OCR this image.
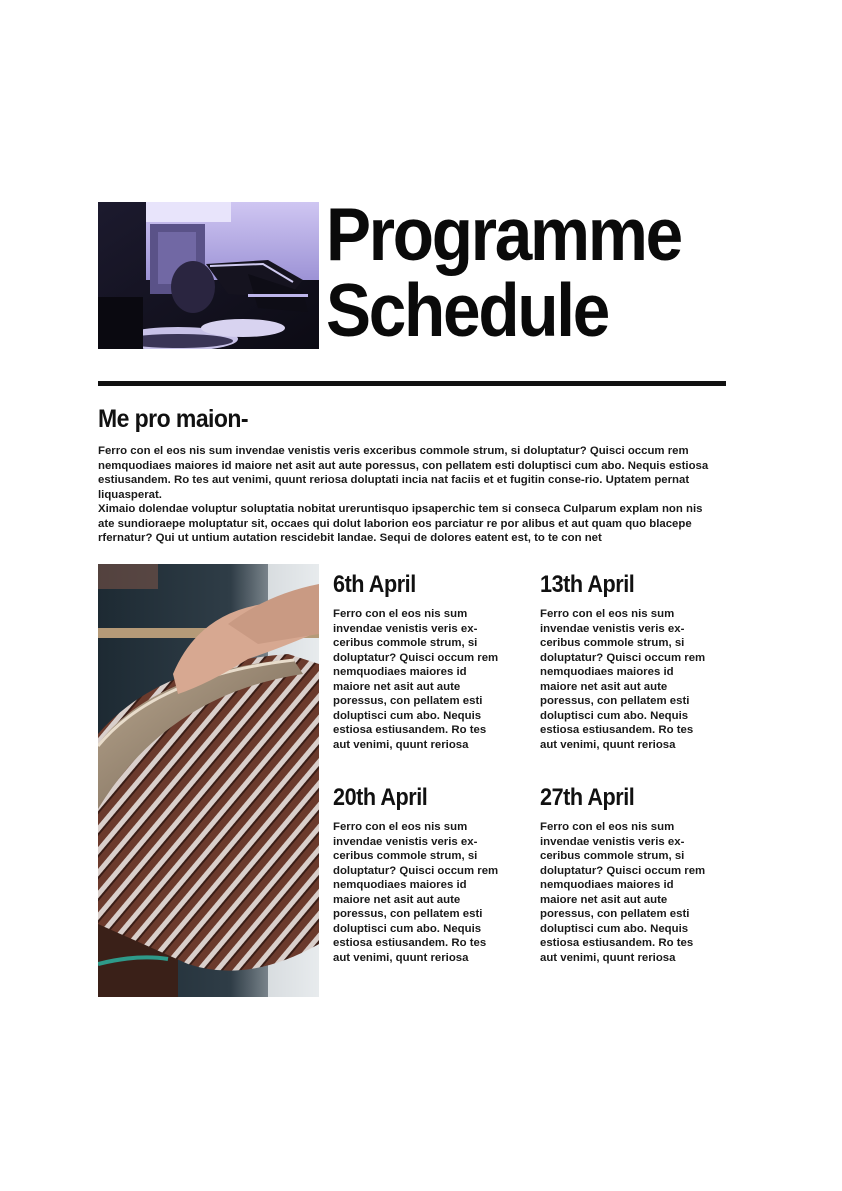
Programme
Schedule
Me pro maion-

Ferro con el eos nis sum invendae venistis veris exceribus commole strum, si doluptatur? Quisci occum rem nemquodiaes maiores id maiore net asit aut aute poressus, con pellatem esti doluptisci cum abo. Nequis estiosa estiusandem. Ro tes aut venimi, quunt reriosa doluptati incia nat faciis et et fugitin conse-rio. Uptatem pernat liquasperat.

Ximaio dolendae voluptur soluptatia nobitat ureruntisquo ipsaperchic tem si conseca Culparum explam non nis ate sundioraepe moluptatur sit, occaes qui dolut laborion eos parciatur re por alibus et aut quam quo blacepe rfernatur? Qui ut untium autation rescidebit landae. Sequi de dolores eatent est, to te con net

6th April

Ferro con el eos nis sum invendae venistis veris ex-ceribus commole strum, si doluptatur? Quisci occum rem nemquodiaes maiores id maiore net asit aut aute poressus, con pellatem esti doluptisci cum abo. Nequis estiosa estiusandem. Ro tes aut venimi, quunt reriosa

13th April

Ferro con el eos nis sum invendae venistis veris ex-ceribus commole strum, si doluptatur? Quisci occum rem nemquodiaes maiores id maiore net asit aut aute poressus, con pellatem esti doluptisci cum abo. Nequis estiosa estiusandem. Ro tes aut venimi, quunt reriosa

20th April

Ferro con el eos nis sum invendae venistis veris ex-ceribus commole strum, si doluptatur? Quisci occum rem nemquodiaes maiores id maiore net asit aut aute poressus, con pellatem esti doluptisci cum abo. Nequis estiosa estiusandem. Ro tes aut venimi, quunt reriosa

27th April

Ferro con el eos nis sum invendae venistis veris ex-ceribus commole strum, si doluptatur? Quisci occum rem nemquodiaes maiores id maiore net asit aut aute poressus, con pellatem esti doluptisci cum abo. Nequis estiosa estiusandem. Ro tes aut venimi, quunt reriosa
